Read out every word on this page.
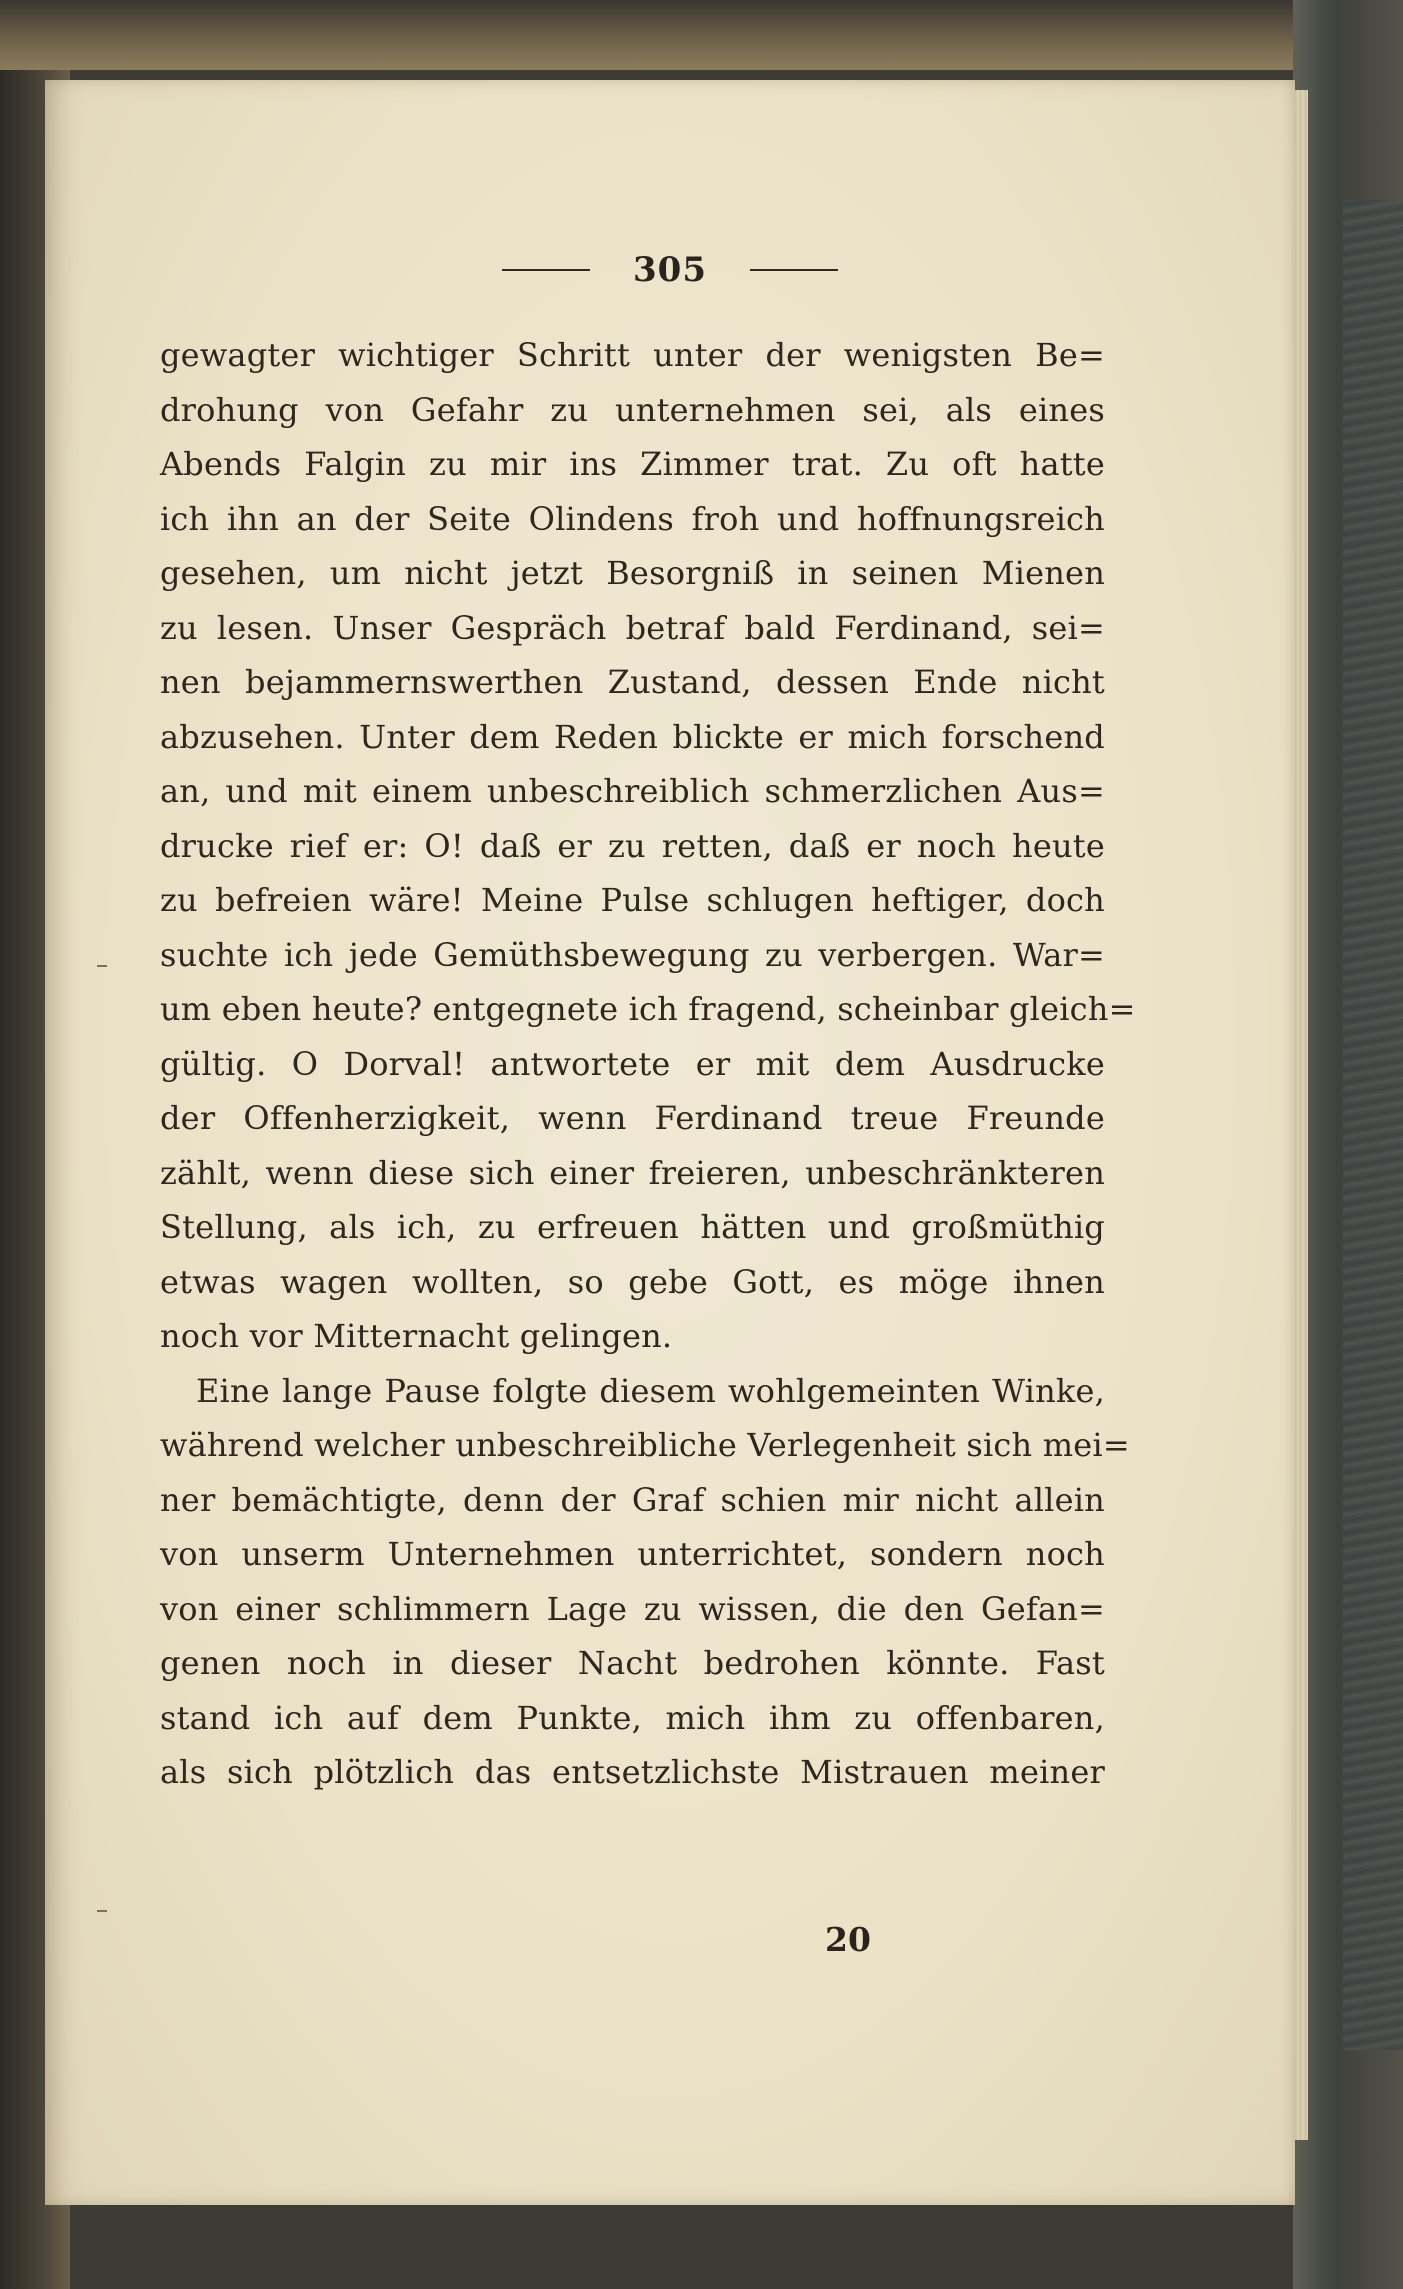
305
gewagter wichtiger Schritt unter der wenigsten Be=
drohung von Gefahr zu unternehmen sei, als eines
Abends Falgin zu mir ins Zimmer trat. Zu oft hatte
ich ihn an der Seite Olindens froh und hoffnungsreich
gesehen, um nicht jetzt Besorgniß in seinen Mienen
zu lesen. Unser Gespräch betraf bald Ferdinand, sei=
nen bejammernswerthen Zustand, dessen Ende nicht
abzusehen. Unter dem Reden blickte er mich forschend
an, und mit einem unbeschreiblich schmerzlichen Aus=
drucke rief er: O! daß er zu retten, daß er noch heute
zu befreien wäre! Meine Pulse schlugen heftiger, doch
suchte ich jede Gemüthsbewegung zu verbergen. War=
um eben heute? entgegnete ich fragend, scheinbar gleich=
gültig. O Dorval! antwortete er mit dem Ausdrucke
der Offenherzigkeit, wenn Ferdinand treue Freunde
zählt, wenn diese sich einer freieren, unbeschränkteren
Stellung, als ich, zu erfreuen hätten und großmüthig
etwas wagen wollten, so gebe Gott, es möge ihnen
noch vor Mitternacht gelingen.
Eine lange Pause folgte diesem wohlgemeinten Winke,
während welcher unbeschreibliche Verlegenheit sich mei=
ner bemächtigte, denn der Graf schien mir nicht allein
von unserm Unternehmen unterrichtet, sondern noch
von einer schlimmern Lage zu wissen, die den Gefan=
genen noch in dieser Nacht bedrohen könnte. Fast
stand ich auf dem Punkte, mich ihm zu offenbaren,
als sich plötzlich das entsetzlichste Mistrauen meiner
20
